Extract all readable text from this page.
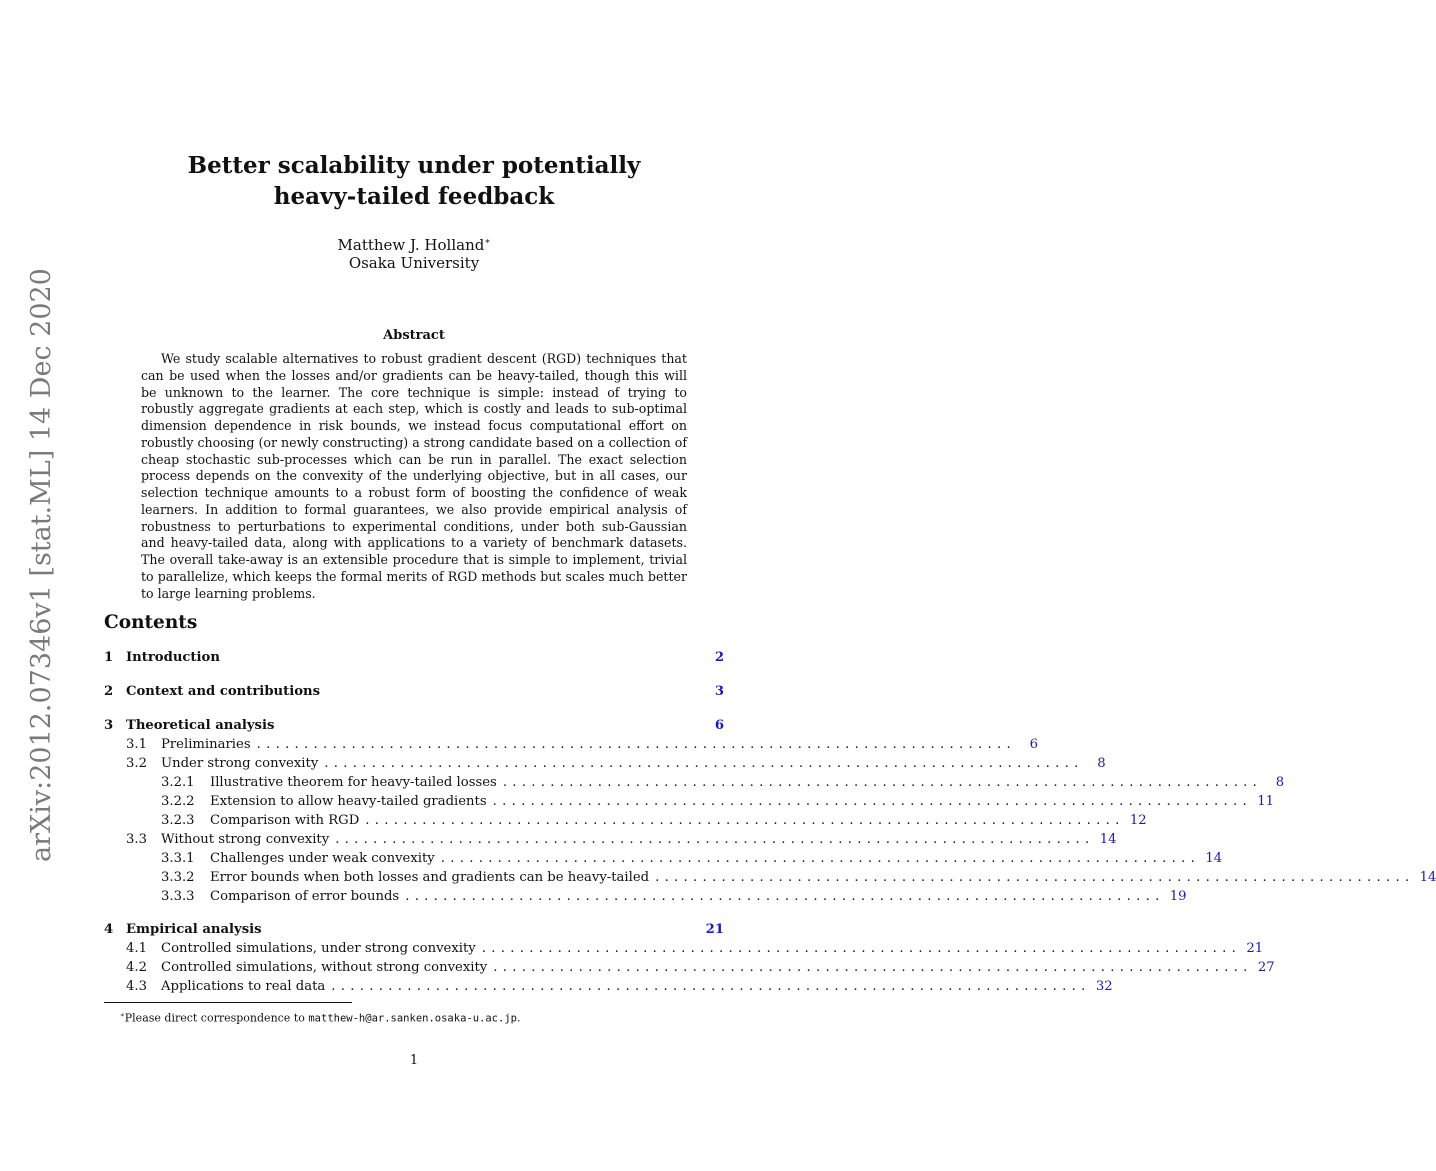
arXiv:2012.07346v1 [stat.ML] 14 Dec 2020
Better scalability under potentially
heavy-tailed feedback
Matthew J. Holland∗
Osaka University
Abstract

We study scalable alternatives to robust gradient descent (RGD) techniques that can be used when the losses and/or gradients can be heavy-tailed, though this will be unknown to the learner. The core technique is simple: instead of trying to robustly aggregate gradients at each step, which is costly and leads to sub-optimal dimension dependence in risk bounds, we instead focus computational effort on robustly choosing (or newly constructing) a strong candidate based on a collection of cheap stochastic sub-processes which can be run in parallel. The exact selection process depends on the convexity of the underlying objective, but in all cases, our selection technique amounts to a robust form of boosting the confidence of weak learners. In addition to formal guarantees, we also provide empirical analysis of robustness to perturbations to experimental conditions, under both sub-Gaussian and heavy-tailed data, along with applications to a variety of benchmark datasets. The overall take-away is an extensible procedure that is simple to implement, trivial to parallelize, which keeps the formal merits of RGD methods but scales much better to large learning problems.

Contents
1 Introduction	2
2 Context and contributions	3
3 Theoretical analysis	6
3.1	Preliminaries ................................................................................	6
3.2	Under strong convexity ................................................................................	8
3.2.1	Illustrative theorem for heavy-tailed losses ................................................................................	8
3.2.2	Extension to allow heavy-tailed gradients ................................................................................ 11
3.2.3	Comparison with RGD ................................................................................ 12
3.3	Without strong convexity ................................................................................ 14
3.3.1	Challenges under weak convexity ................................................................................ 14
3.3.2	Error bounds when both losses and gradients can be heavy-tailed ................................................................................ 14
3.3.3	Comparison of error bounds ................................................................................ 19
4 Empirical analysis	21
4.1	Controlled simulations, under strong convexity ................................................................................ 21
4.2	Controlled simulations, without strong convexity ................................................................................ 27
4.3	Applications to real data ................................................................................ 32
∗Please direct correspondence to matthew-h@ar.sanken.osaka-u.ac.jp.
1
